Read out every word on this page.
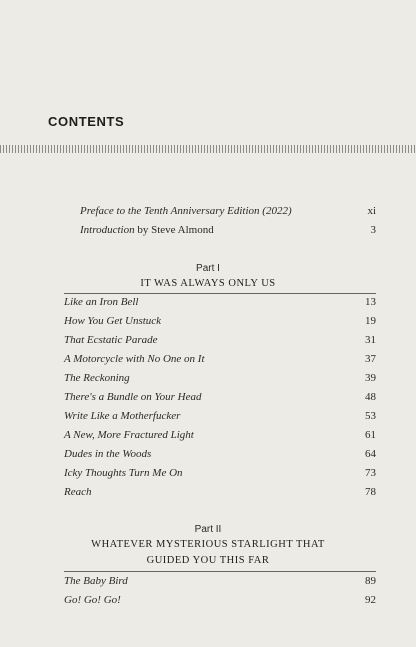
CONTENTS
Preface to the Tenth Anniversary Edition (2022)	xi
Introduction by Steve Almond	3
Part I
IT WAS ALWAYS ONLY US
Like an Iron Bell	13
How You Get Unstuck	19
That Ecstatic Parade	31
A Motorcycle with No One on It	37
The Reckoning	39
There's a Bundle on Your Head	48
Write Like a Motherfucker	53
A New, More Fractured Light	61
Dudes in the Woods	64
Icky Thoughts Turn Me On	73
Reach	78
Part II
WHATEVER MYSTERIOUS STARLIGHT THAT
GUIDED YOU THIS FAR
The Baby Bird	89
Go! Go! Go!	92
